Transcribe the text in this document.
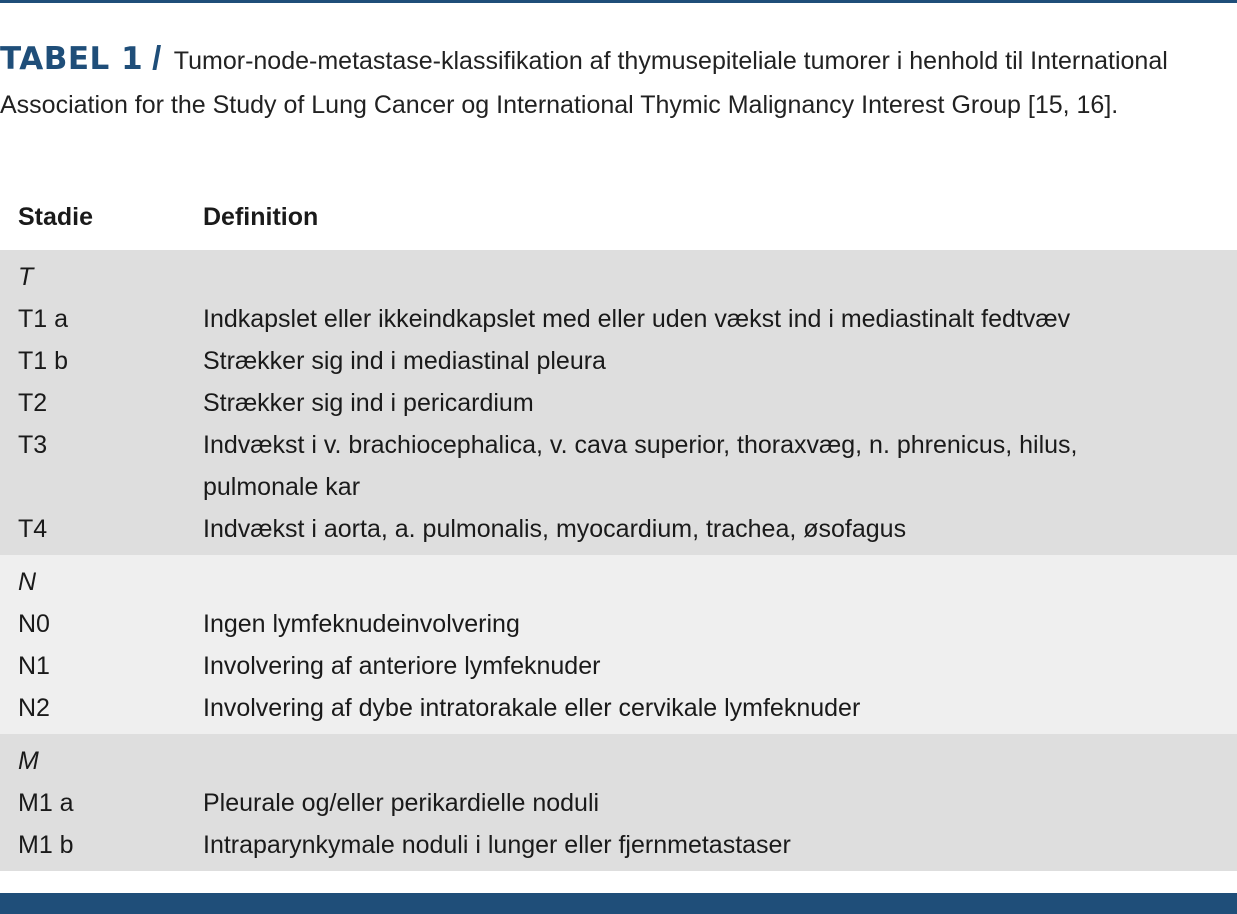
TABEL 1 / Tumor-node-metastase-klassifikation af thymusepiteliale tumorer i henhold til International Association for the Study of Lung Cancer og International Thymic Malignancy Interest Group [15, 16].
Stadie	Definition
T
T1 a	Indkapslet eller ikkeindkapslet med eller uden vækst ind i mediastinalt fedtvæv
T1 b	Strækker sig ind i mediastinal pleura
T2	Strækker sig ind i pericardium
T3	Indvækst i v. brachiocephalica, v. cava superior, thoraxvæg, n. phrenicus, hilus, pulmonale kar
T4	Indvækst i aorta, a. pulmonalis, myocardium, trachea, øsofagus
N
N0	Ingen lymfeknudeinvolvering
N1	Involvering af anteriore lymfeknuder
N2	Involvering af dybe intratorakale eller cervikale lymfeknuder
M
M1 a	Pleurale og/eller perikardielle noduli
M1 b	Intraparynkymale noduli i lunger eller fjernmetastaser
